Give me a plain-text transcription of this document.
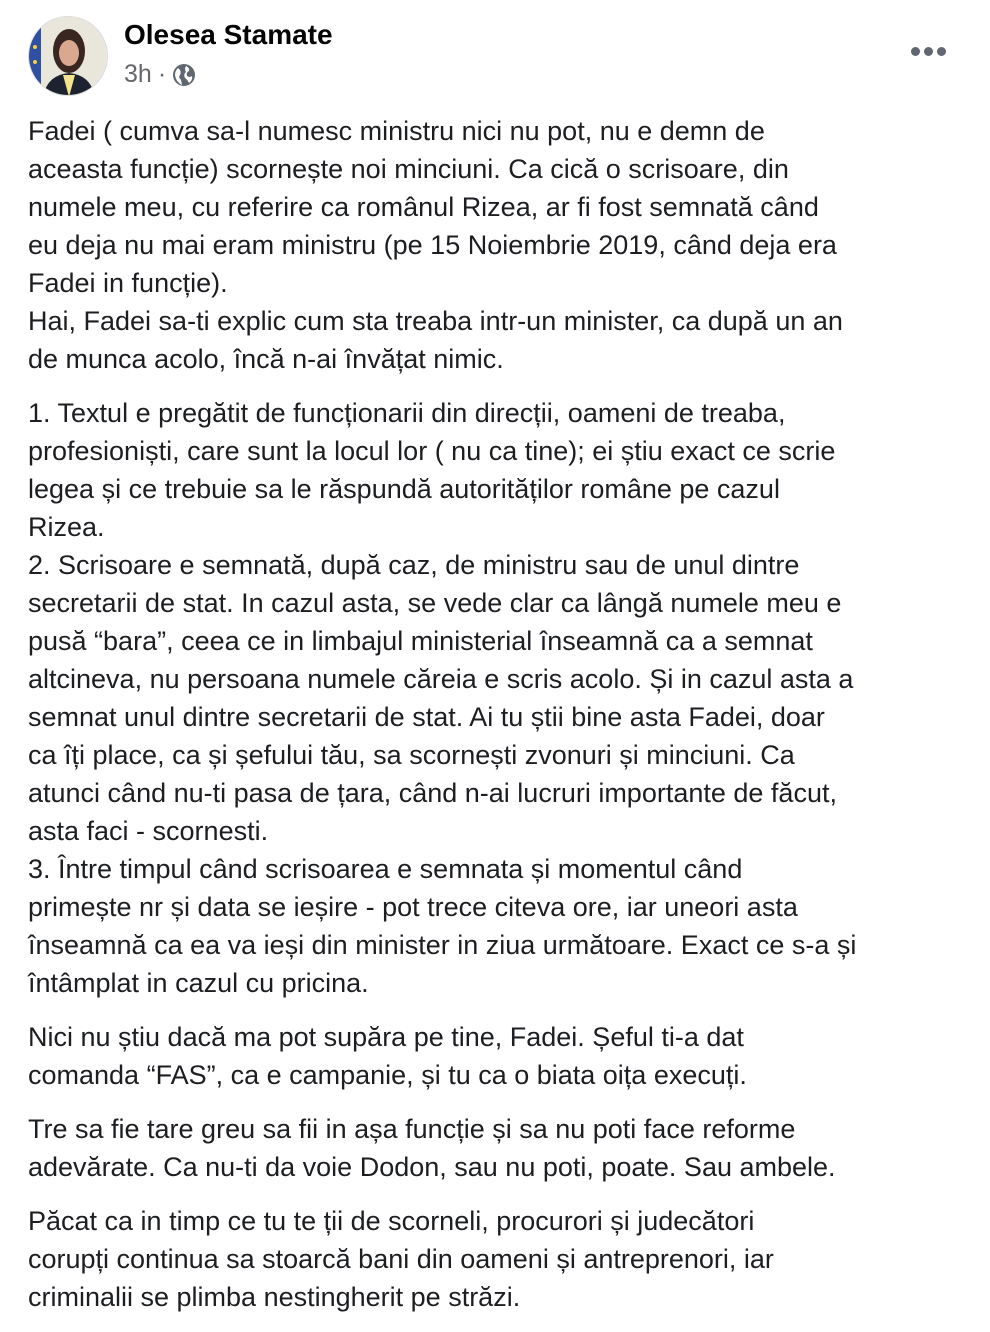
Olesea Stamate
3h ·
Fadei ( cumva sa-l numesc ministru nici nu pot, nu e demn de
aceasta funcție) scornește noi minciuni. Ca cică o scrisoare, din
numele meu, cu referire ca românul Rizea, ar fi fost semnată când
eu deja nu mai eram ministru (pe 15 Noiembrie 2019, când deja era
Fadei in funcție).
Hai, Fadei sa-ti explic cum sta treaba intr-un minister, ca după un an
de munca acolo, încă n-ai învățat nimic.
1. Textul e pregătit de funcționarii din direcții, oameni de treaba,
profesioniști, care sunt la locul lor ( nu ca tine); ei știu exact ce scrie
legea și ce trebuie sa le răspundă autorităților române pe cazul
Rizea.
2. Scrisoare e semnată, după caz, de ministru sau de unul dintre
secretarii de stat. In cazul asta, se vede clar ca lângă numele meu e
pusă “bara”, ceea ce in limbajul ministerial înseamnă ca a semnat
altcineva, nu persoana numele căreia e scris acolo. Și in cazul asta a
semnat unul dintre secretarii de stat. Ai tu știi bine asta Fadei, doar
ca îți place, ca și șefului tău, sa scornești zvonuri și minciuni. Ca
atunci când nu-ti pasa de țara, când n-ai lucruri importante de făcut,
asta faci - scornesti.
3. Între timpul când scrisoarea e semnata și momentul când
primește nr și data se ieșire - pot trece citeva ore, iar uneori asta
înseamnă ca ea va ieși din minister in ziua următoare. Exact ce s-a și
întâmplat in cazul cu pricina.
Nici nu știu dacă ma pot supăra pe tine, Fadei. Șeful ti-a dat
comanda “FAS”, ca e campanie, și tu ca o biata oița execuți.
Tre sa fie tare greu sa fii in așa funcție și sa nu poti face reforme
adevărate. Ca nu-ti da voie Dodon, sau nu poti, poate. Sau ambele.
Păcat ca in timp ce tu te ții de scorneli, procurori și judecători
corupți continua sa stoarcă bani din oameni și antreprenori, iar
criminalii se plimba nestingherit pe străzi.
